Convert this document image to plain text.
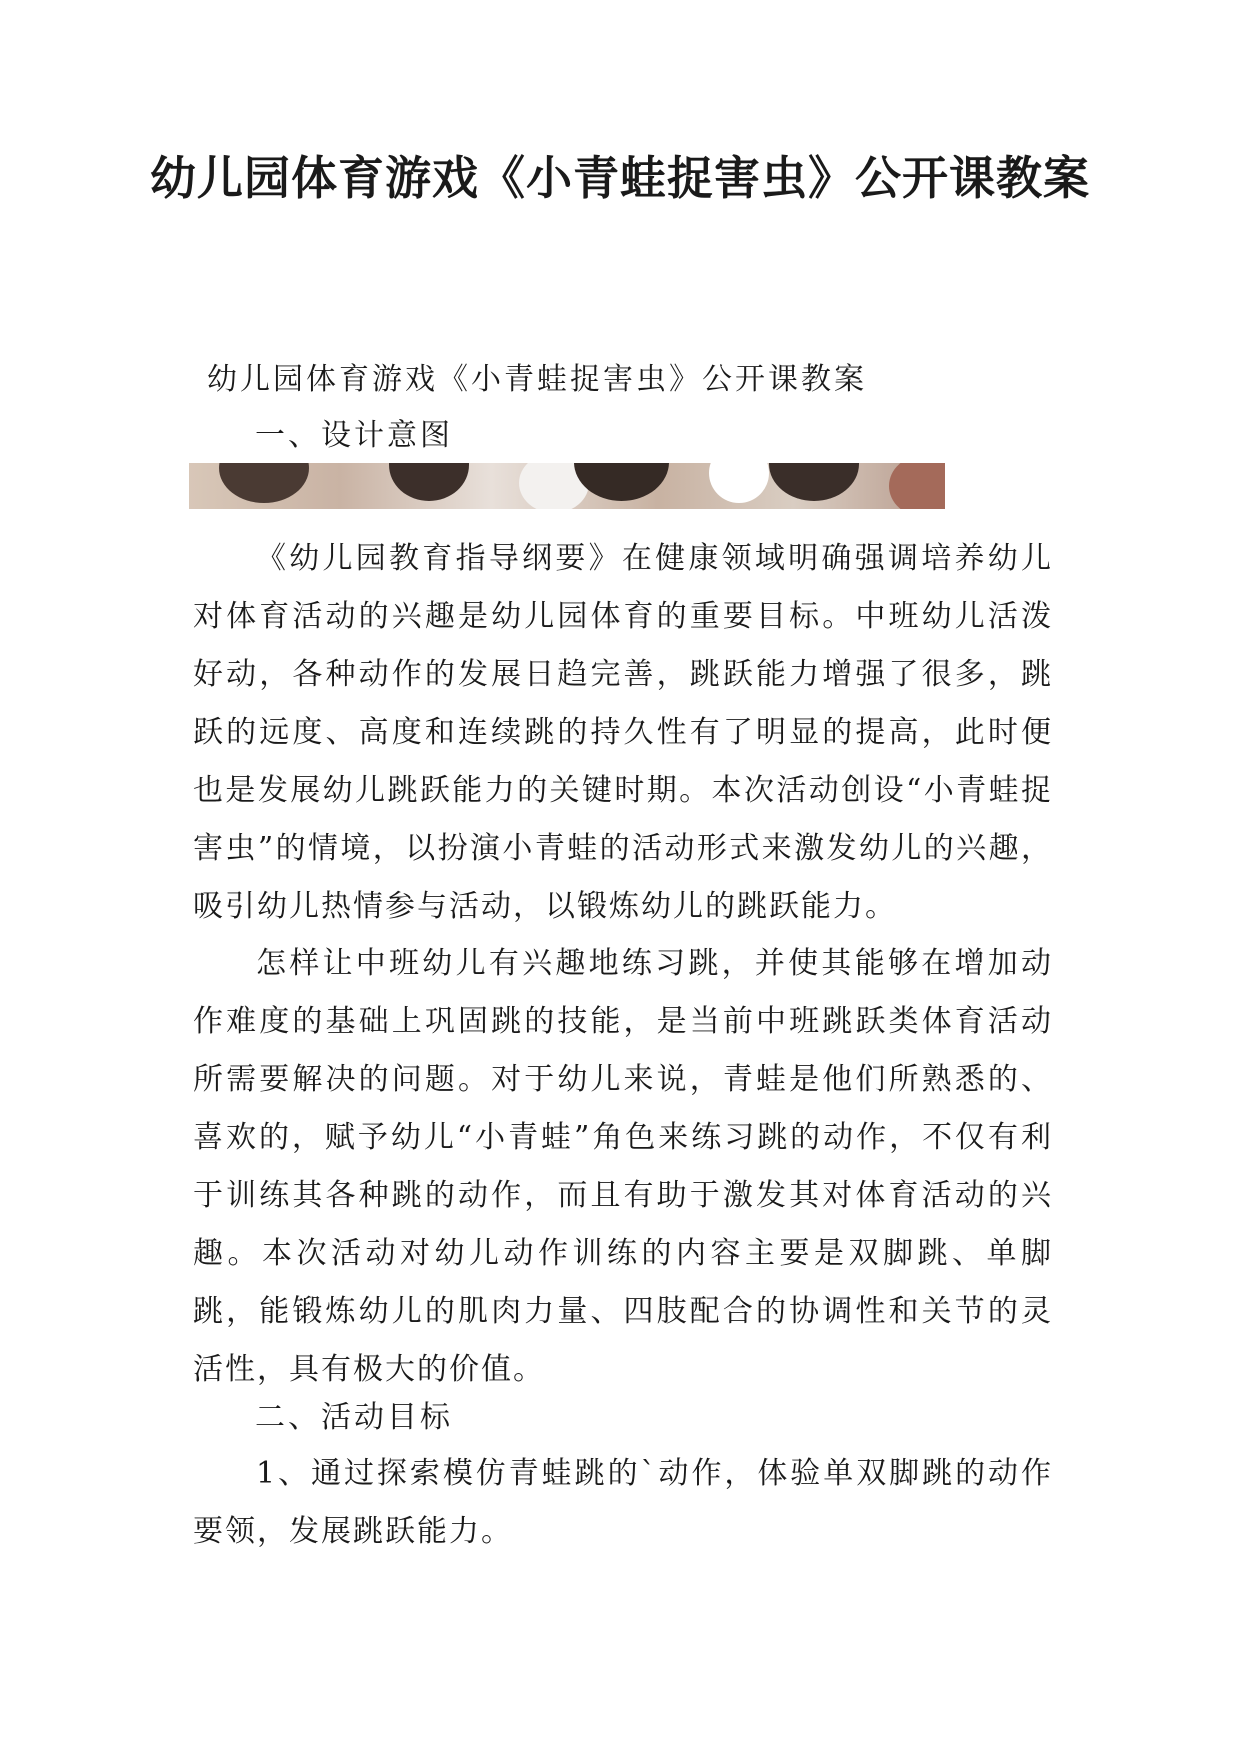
幼儿园体育游戏《小青蛙捉害虫》公开课教案

幼儿园体育游戏《小青蛙捉害虫》公开课教案

一、设计意图

《幼儿园教育指导纲要》在健康领域明确强调培养幼儿对体育活动的兴趣是幼儿园体育的重要目标。中班幼儿活泼好动，各种动作的发展日趋完善，跳跃能力增强了很多，跳跃的远度、高度和连续跳的持久性有了明显的提高，此时便也是发展幼儿跳跃能力的关键时期。本次活动创设“小青蛙捉害虫”的情境，以扮演小青蛙的活动形式来激发幼儿的兴趣，吸引幼儿热情参与活动，以锻炼幼儿的跳跃能力。

怎样让中班幼儿有兴趣地练习跳，并使其能够在增加动作难度的基础上巩固跳的技能，是当前中班跳跃类体育活动所需要解决的问题。对于幼儿来说，青蛙是他们所熟悉的、喜欢的，赋予幼儿“小青蛙”角色来练习跳的动作，不仅有利于训练其各种跳的动作，而且有助于激发其对体育活动的兴趣。本次活动对幼儿动作训练的内容主要是双脚跳、单脚跳，能锻炼幼儿的肌肉力量、四肢配合的协调性和关节的灵活性，具有极大的价值。

二、活动目标

1、通过探索模仿青蛙跳的`动作，体验单双脚跳的动作要领，发展跳跃能力。
